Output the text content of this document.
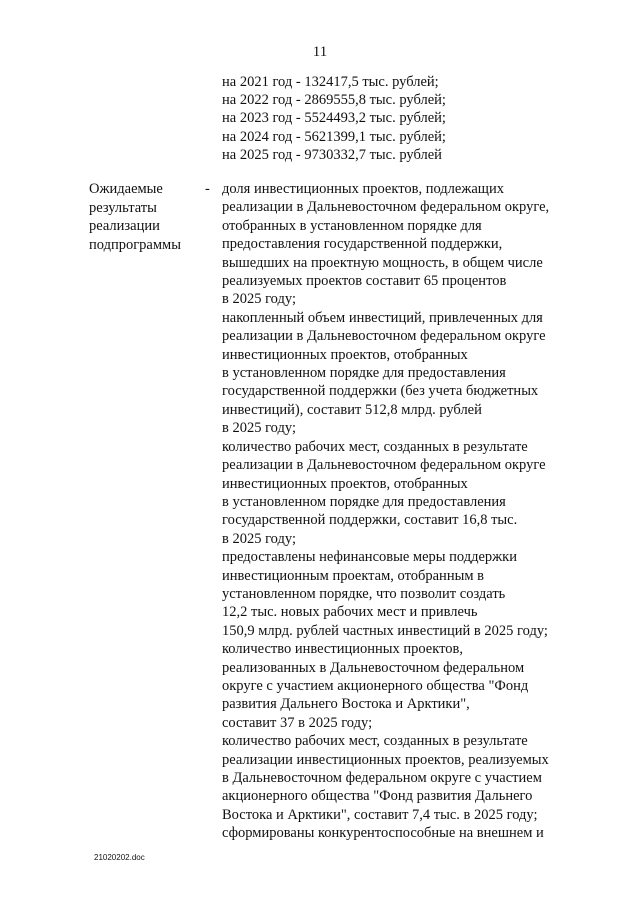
11
на 2021 год - 132417,5 тыс. рублей;
на 2022 год - 2869555,8 тыс. рублей;
на 2023 год - 5524493,2 тыс. рублей;
на 2024 год - 5621399,1 тыс. рублей;
на 2025 год - 9730332,7 тыс. рублей
Ожидаемые
результаты
реализации
подпрограммы
- доля инвестиционных проектов, подлежащих
реализации в Дальневосточном федеральном округе,
отобранных в установленном порядке для
предоставления государственной поддержки,
вышедших на проектную мощность, в общем числе
реализуемых проектов составит 65 процентов
в 2025 году;
накопленный объем инвестиций, привлеченных для
реализации в Дальневосточном федеральном округе
инвестиционных проектов, отобранных
в установленном порядке для предоставления
государственной поддержки (без учета бюджетных
инвестиций), составит 512,8 млрд. рублей
в 2025 году;
количество рабочих мест, созданных в результате
реализации в Дальневосточном федеральном округе
инвестиционных проектов, отобранных
в установленном порядке для предоставления
государственной поддержки, составит 16,8 тыс.
в 2025 году;
предоставлены нефинансовые меры поддержки
инвестиционным проектам, отобранным в
установленном порядке, что позволит создать
12,2 тыс. новых рабочих мест и привлечь
150,9 млрд. рублей частных инвестиций в 2025 году;
количество инвестиционных проектов,
реализованных в Дальневосточном федеральном
округе с участием акционерного общества "Фонд
развития Дальнего Востока и Арктики",
составит 37 в 2025 году;
количество рабочих мест, созданных в результате
реализации инвестиционных проектов, реализуемых
в Дальневосточном федеральном округе с участием
акционерного общества "Фонд развития Дальнего
Востока и Арктики", составит 7,4 тыс. в 2025 году;
сформированы конкурентоспособные на внешнем и
21020202.doc
